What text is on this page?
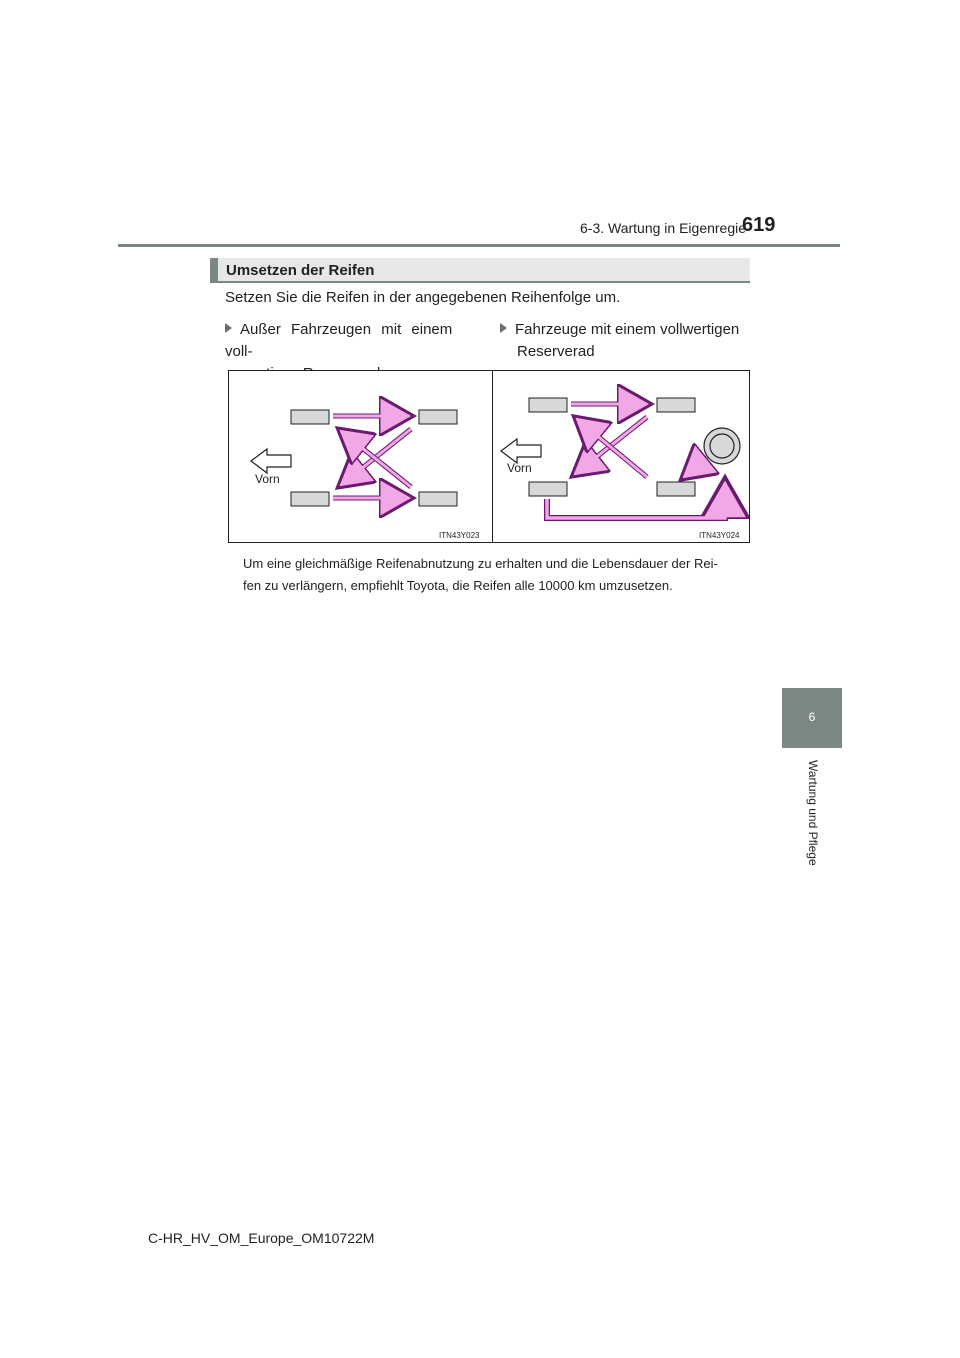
6-3. Wartung in Eigenregie
619
6
Wartung und Pflege
Umsetzen der Reifen
Setzen Sie die Reifen in der angegebenen Reihenfolge um.
Außer Fahrzeugen mit einem voll-
Fahrzeuge mit einem vollwertigen
Reserverad
Vorn
ITN43Y023
Vorn
ITN43Y024
Um eine gleichmäßige Reifenabnutzung zu erhalten und die Lebensdauer der Rei-
fen zu verlängern, empfiehlt Toyota, die Reifen alle 10000 km umzusetzen.
C-HR_HV_OM_Europe_OM10722M
